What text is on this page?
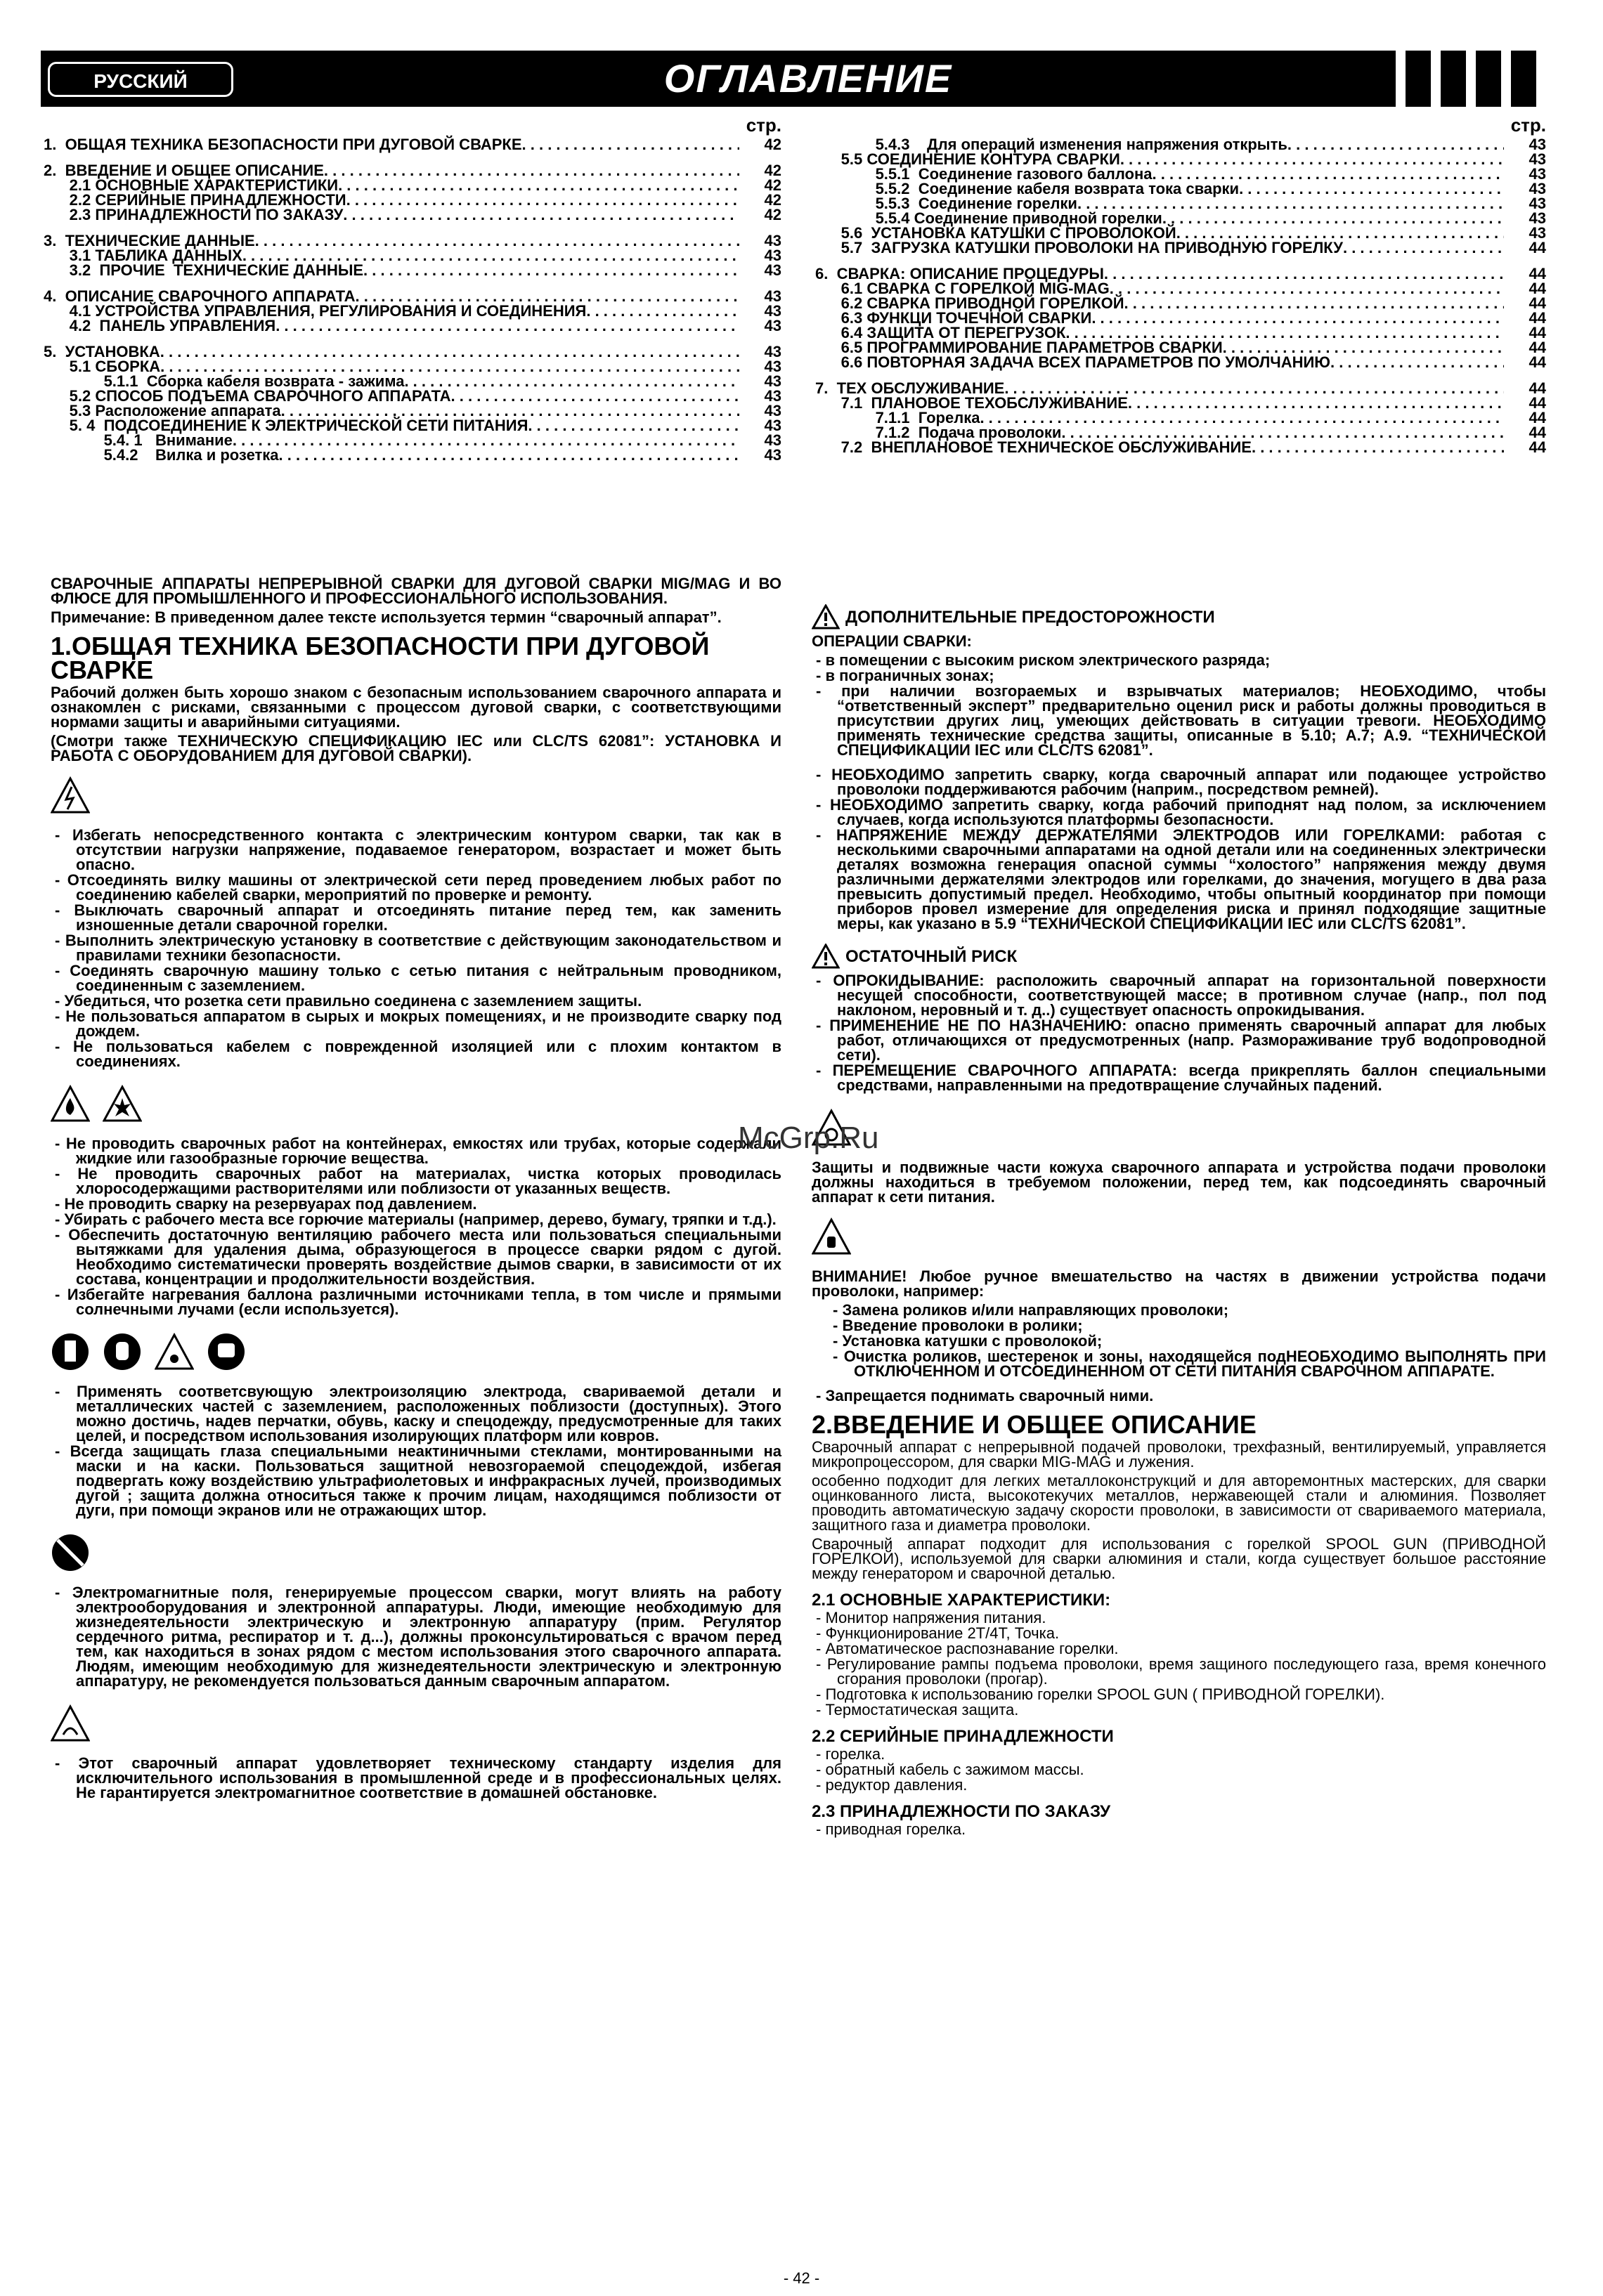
РУССКИЙ	ОГЛАВЛЕНИЕ
стр.
1.  ОБЩАЯ ТЕХНИКА БЕЗОПАСНОСТИ ПРИ ДУГОВОЙ СВАРКЕ . . .	42
2.  ВВЕДЕНИЕ И ОБЩЕЕ ОПИСАНИЕ . . .	42
2.1 ОСНОВНЫЕ ХАРАКТЕРИСТИКИ . . .	42
2.2 СЕРИЙНЫЕ ПРИНАДЛЕЖНОСТИ . . .	42
2.3 ПРИНАДЛЕЖНОСТИ ПО ЗАКАЗУ . . .	42
3.  ТЕХНИЧЕСКИЕ ДАННЫЕ . . .	43
3.1 ТАБЛИКА ДАННЫХ . . .	43
3.2  ПРОЧИЕ  ТЕХНИЧЕСКИЕ ДАННЫЕ . . .	43
4.  ОПИСАНИЕ СВАРОЧНОГО АППАРАТА . . .	43
4.1 УСТРОЙСТВА УПРАВЛЕНИЯ, РЕГУЛИРОВАНИЯ И СОЕДИНЕНИЯ . . .	43
4.2  ПАНЕЛЬ УПРАВЛЕНИЯ . . .	43
5.  УСТАНОВКА . . .	43
5.1 СБОРКА . . .	43
5.1.1  Сборка кабеля возврата - зажима . . .	43
5.2 СПОСОБ ПОДЪЕМА СВАРОЧНОГО АППАРАТА . . .	43
5.3 Расположение аппарата . . .	43
5. 4  ПОДСОЕДИНЕНИЕ К ЭЛЕКТРИЧЕСКОЙ СЕТИ ПИТАНИЯ . . .	43
5.4. 1   Внимание . . .	43
5.4.2    Вилка и розетка . . .	43
стр.
5.4.3    Для операций изменения напряжения открыть . . .	43
5.5 СОЕДИНЕНИЕ КОНТУРА СВАРКИ . . .	43
5.5.1  Соединение газового баллона . . .	43
5.5.2  Соединение кабеля возврата тока сварки . . .	43
5.5.3  Соединение горелки . . .	43
5.5.4 Соединение приводной горелки . . .	43
5.6  УСТАНОВКА КАТУШКИ С ПРОВОЛОКОЙ . . .	43
5.7  ЗАГРУЗКА КАТУШКИ ПРОВОЛОКИ НА ПРИВОДНУЮ ГОРЕЛКУ . . .	44
6.  СВАРКА: ОПИСАНИЕ ПРОЦЕДУРЫ . . .	44
6.1 СВАРКА С ГОРЕЛКОЙ MIG-MAG . . .	44
6.2 СВАРКА ПРИВОДНОЙ ГОРЕЛКОЙ . . .	44
6.3 ФУНКЦИ ТОЧЕЧНОЙ СВАРКИ . . .	44
6.4 ЗАЩИТА ОТ ПЕРЕГРУЗОК . . .	44
6.5 ПРОГРАММИРОВАНИЕ ПАРАМЕТРОВ СВАРКИ . . .	44
6.6 ПОВТОРНАЯ ЗАДАЧА ВСЕХ ПАРАМЕТРОВ ПО УМОЛЧАНИЮ . . .	44
7.  ТЕХ ОБСЛУЖИВАНИЕ . . .	44
7.1  ПЛАНОВОЕ ТЕХОБСЛУЖИВАНИЕ . . .	44
7.1.1  Горелка . . .	44
7.1.2  Подача проволоки . . .	44
7.2  ВНЕПЛАНОВОЕ ТЕХНИЧЕСКОЕ ОБСЛУЖИВАНИЕ . . .	44

СВАРОЧНЫЕ АППАРАТЫ НЕПРЕРЫВНОЙ СВАРКИ ДЛЯ ДУГОВОЙ СВАРКИ MIG/MAG И ВО ФЛЮСЕ ДЛЯ ПРОМЫШЛЕННОГО И ПРОФЕССИОНАЛЬНОГО ИСПОЛЬЗОВАНИЯ.

Примечание: В приведенном далее тексте используется термин “сварочный аппарат”.

1.ОБЩАЯ ТЕХНИКА БЕЗОПАСНОСТИ ПРИ ДУГОВОЙ СВАРКЕ

Рабочий должен быть хорошо знаком с безопасным использованием сварочного аппарата и ознакомлен с рисками, связанными с процессом дуговой сварки, с соответствующими нормами защиты и аварийными ситуациями.

(Смотри также ТЕХНИЧЕСКУЮ СПЕЦИФИКАЦИЮ IEC или CLC/TS 62081”: УСТАНОВКА И РАБОТА С ОБОРУДОВАНИЕМ ДЛЯ ДУГОВОЙ СВАРКИ).

- Избегать непосредственного контакта с электрическим контуром сварки, так как в отсутствии нагрузки напряжение, подаваемое генератором, возрастает и может быть опасно.
- Отсоединять вилку машины от электрической сети перед проведением любых работ по соединению кабелей сварки, мероприятий по проверке и ремонту.
- Выключать сварочный аппарат и отсоединять питание перед тем, как заменить изношенные детали сварочной горелки.
- Выполнить электрическую установку в соответствие с действующим законодательством и правилами техники безопасности.
- Соединять сварочную машину только с сетью питания с нейтральным проводником, соединенным с заземлением.
- Убедиться, что розетка сети правильно соединена с заземлением защиты.
- Не пользоваться аппаратом в сырых и мокрых помещениях, и не производите сварку под дождем.
- Не пользоваться кабелем с поврежденной изоляцией или с плохим контактом в соединениях.

- Не проводить сварочных работ на контейнерах, емкостях или трубах, которые содержали жидкие или газообразные горючие вещества.
- Не проводить сварочных работ на материалах, чистка которых проводилась хлоросодержащими растворителями или поблизости от указанных веществ.
- Не проводить сварку на резервуарах под давлением.
- Убирать с рабочего места все горючие материалы (например, дерево, бумагу, тряпки и т.д.).
- Обеспечить достаточную вентиляцию рабочего места или пользоваться специальными вытяжками для удаления дыма, образующегося в процессе сварки рядом с дугой. Необходимо систематически проверять воздействие дымов сварки, в зависимости от их состава, концентрации и продолжительности воздействия.
- Избегайте нагревания баллона различными источниками тепла, в том числе и прямыми солнечными лучами (если используется).

- Применять соответсвующую электроизоляцию электрода, свариваемой детали и металлических частей с заземлением, расположенных поблизости (доступных). Этого можно достичь, надев перчатки, обувь, каску и спецодежду, предусмотренные для таких целей, и посредством использования изолирующих платформ или ковров.
- Всегда защищать глаза специальными неактиничными стеклами, монтированными на маски и на каски. Пользоваться защитной невозгораемой спецодеждой, избегая подвергать кожу воздействию ультрафиолетовых и инфракрасных лучей, производимых дугой ; защита должна относиться также к прочим лицам, находящимся поблизости от дуги, при помощи экранов или не отражающих штор.
- Электромагнитные поля, генерируемые процессом сварки, могут влиять на работу электрооборудования и электронной аппаратуры. Люди, имеющие необходимую для жизнедеятельности электрическую и электронную аппаратуру (прим. Регулятор сердечного ритма, респиратор и т. д...), должны проконсультироваться с врачом перед тем, как находиться в зонах рядом с местом использования этого сварочного аппарата. Людям, имеющим необходимую для жизнедеятельности электрическую и электронную аппаратуру, не рекомендуется пользоваться данным сварочным аппаратом.
- Этот сварочный аппарат удовлетворяет техническому стандарту изделия для исключительного использования в промышленной среде и в профессиональных целях. Не гарантируется электромагнитное соответствие в домашней обстановке.
ДОПОЛНИТЕЛЬНЫЕ ПРЕДОСТОРОЖНОСТИ

ОПЕРАЦИИ СВАРКИ:

- в помещении с высоким риском электрического разряда;
- в пограничных зонах;
- при наличии возгораемых и взрывчатых материалов; НЕОБХОДИМО, чтобы “ответственный эксперт” предварительно оценил риск и работы должны проводиться в присутствии других лиц, умеющих действовать в ситуации тревоги. НЕОБХОДИМО применять технические средства защиты, описанные в 5.10; A.7; A.9. “ТЕХНИЧЕСКОЙ СПЕЦИФИКАЦИИ IEC или CLC/TS 62081”.
- НЕОБХОДИМО запретить сварку, когда сварочный аппарат или подающее устройство проволоки поддерживаются рабочим (наприм., посредством ремней).
- НЕОБХОДИМО запретить сварку, когда рабочий приподнят над полом, за исключением случаев, когда используются платформы безопасности.
- НАПРЯЖЕНИЕ МЕЖДУ ДЕРЖАТЕЛЯМИ ЭЛЕКТРОДОВ ИЛИ ГОРЕЛКАМИ: работая с несколькими сварочными аппаратами на одной детали или на соединенных электрически деталях возможна генерация опасной суммы “холостого” напряжения между двумя различными держателями электродов или горелками, до значения, могущего в два раза превысить допустимый предел. Необходимо, чтобы опытный координатор при помощи приборов провел измерение для определения риска и принял подходящие защитные меры, как указано в 5.9 “ТЕХНИЧЕСКОЙ СПЕЦИФИКАЦИИ IEC или CLC/TS 62081”.
ОСТАТОЧНЫЙ РИСК
- ОПРОКИДЫВАНИЕ: расположить сварочный аппарат на горизонтальной поверхности несущей способности, соответствующей массе; в противном случае (напр., пол под наклоном, неровный и т. д..) существует опасность опрокидывания.
- ПРИМЕНЕНИЕ НЕ ПО НАЗНАЧЕНИЮ: опасно применять сварочный аппарат для любых работ, отличающихся от предусмотренных (напр. Размораживание труб водопроводной сети).
- ПЕРЕМЕЩЕНИЕ СВАРОЧНОГО АППАРАТА: всегда прикреплять баллон специальными средствами, направленными на предотвращение случайных падений.

Защиты и подвижные части кожуха сварочного аппарата и устройства подачи проволоки должны находиться в требуемом положении, перед тем, как подсоединять сварочный аппарат к сети питания.

ВНИМАНИЕ! Любое ручное вмешательство на частях в движении устройства подачи проволоки, например:

- Замена роликов и/или направляющих проволоки;
- Введение проволоки в ролики;
- Установка катушки с проволокой;
- Очистка роликов, шестеренок и зоны, находящейся подНЕОБХОДИМО ВЫПОЛНЯТЬ ПРИ ОТКЛЮЧЕННОМ И ОТСОЕДИНЕННОМ ОТ СЕТИ ПИТАНИЯ СВАРОЧНОМ АППАРАТЕ.
- Запрещается поднимать сварочный ними.
2.ВВЕДЕНИЕ И ОБЩЕЕ ОПИСАНИЕ

Сварочный аппарат с непрерывной подачей проволоки, трехфазный, вентилируемый, управляется микропроцессором, для сварки MIG-MAG и лужения.

особенно подходит для легких металлоконструкций и для авторемонтных мастерских, для сварки оцинкованного листа, высокотекучих металлов, нержавеющей стали и алюминия. Позволяет проводить автоматическую задачу скорости проволоки, в зависимости от свариваемого материала, защитного газа и диаметра проволоки.

Сварочный аппарат подходит для использования с горелкой SPOOL GUN (ПРИВОДНОЙ ГОРЕЛКОЙ), используемой для сварки алюминия и стали, когда существует большое расстояние между генератором и сварочной деталью.

2.1 ОСНОВНЫЕ ХАРАКТЕРИСТИКИ:
- Монитор напряжения питания.
- Функционирование 2T/4T, Точка.
- Автоматическое распознавание горелки.
- Регулирование рампы подъема проволоки, время защиного последующего газа, время конечного сгорания проволоки (прогар).
- Подготовка к использованию горелки SPOOL GUN ( ПРИВОДНОЙ ГОРЕЛКИ).
- Термостатическая защита.
2.2 СЕРИЙНЫЕ ПРИНАДЛЕЖНОСТИ
- горелка.
- обратный кабель с зажимом массы.
- редуктор давления.
2.3 ПРИНАДЛЕЖНОСТИ ПО ЗАКАЗУ
- приводная горелка.
McGrp.Ru
- 42 -
